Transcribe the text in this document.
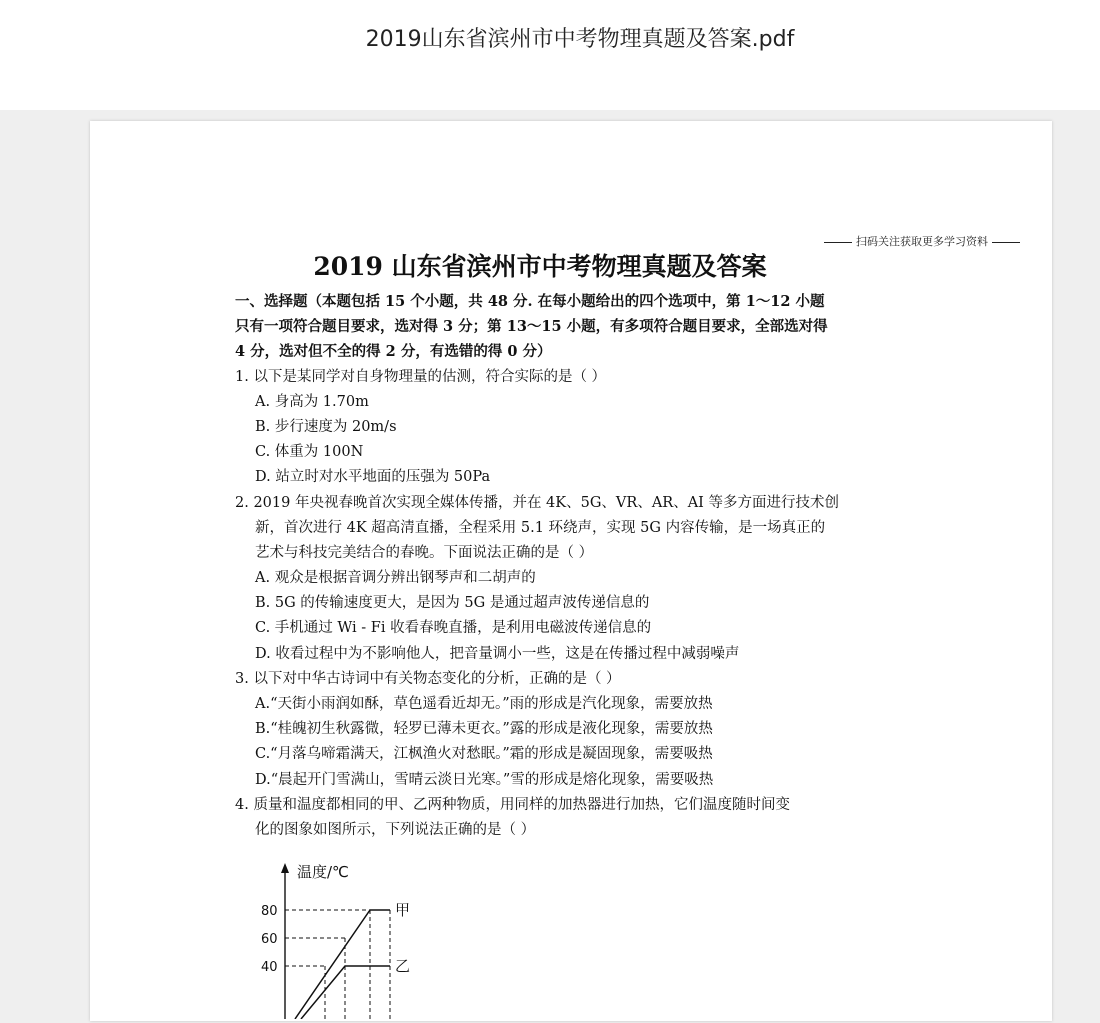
2019山东省滨州市中考物理真题及答案.pdf
扫码关注获取更多学习资料
2019 山东省滨州市中考物理真题及答案
一、选择题（本题包括 15 个小题，共 48 分. 在每小题给出的四个选项中，第 1～12 小题
只有一项符合题目要求，选对得 3 分；第 13～15 小题，有多项符合题目要求，全部选对得
4 分，选对但不全的得 2 分，有选错的得 0 分）
1. 以下是某同学对自身物理量的估测，符合实际的是（ ）
A. 身高为 1.70m
B. 步行速度为 20m/s
C. 体重为 100N
D. 站立时对水平地面的压强为 50Pa
2. 2019 年央视春晚首次实现全媒体传播，并在 4K、5G、VR、AR、AI 等多方面进行技术创
新，首次进行 4K 超高清直播，全程采用 5.1 环绕声，实现 5G 内容传输，是一场真正的
艺术与科技完美结合的春晚。下面说法正确的是（ ）
A. 观众是根据音调分辨出钢琴声和二胡声的
B. 5G 的传输速度更大，是因为 5G 是通过超声波传递信息的
C. 手机通过 Wi - Fi 收看春晚直播，是利用电磁波传递信息的
D. 收看过程中为不影响他人，把音量调小一些，这是在传播过程中减弱噪声
3. 以下对中华古诗词中有关物态变化的分析，正确的是（ ）
A.“天街小雨润如酥，草色遥看近却无。”雨的形成是汽化现象，需要放热
B.“桂魄初生秋露微，轻罗已薄未更衣。”露的形成是液化现象，需要放热
C.“月落乌啼霜满天，江枫渔火对愁眠。”霜的形成是凝固现象，需要吸热
D.“晨起开门雪满山，雪晴云淡日光寒。”雪的形成是熔化现象，需要吸热
4. 质量和温度都相同的甲、乙两种物质，用同样的加热器进行加热，它们温度随时间变
化的图象如图所示，下列说法正确的是（ ）
温度/℃
80
60
40
甲
乙
